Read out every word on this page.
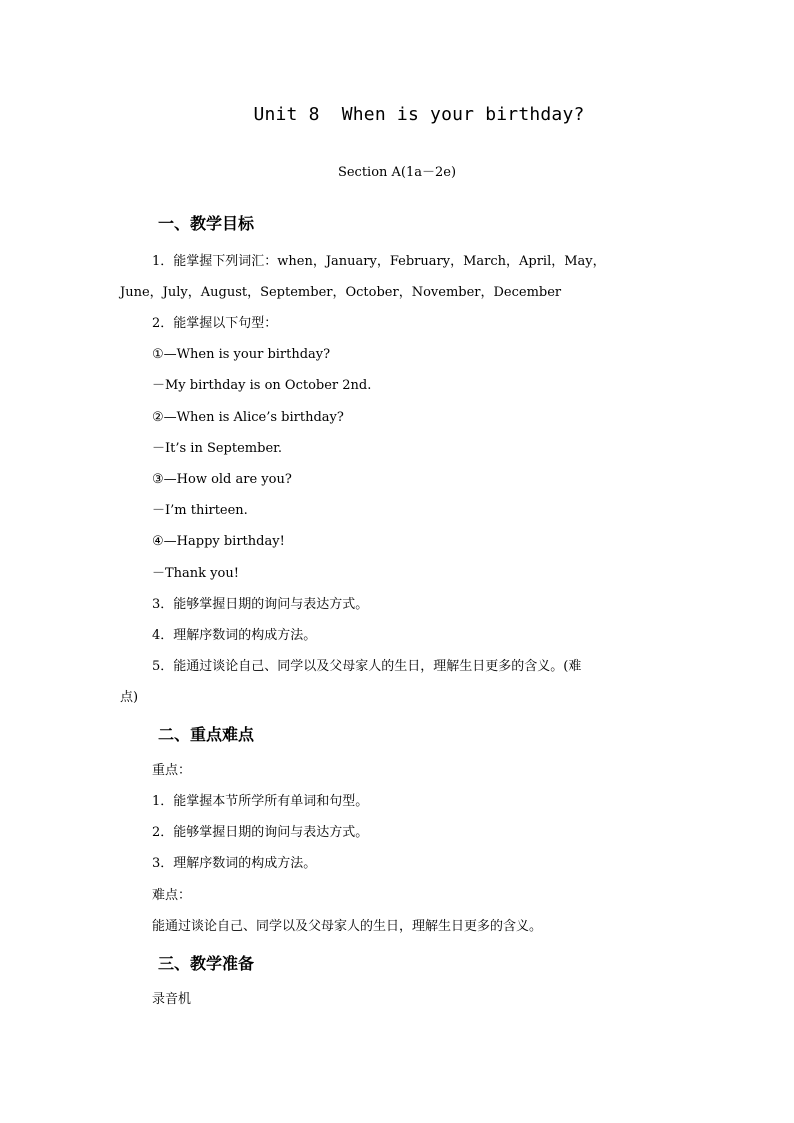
Unit 8  When is your birthday?
Section A(1a－2e)
一、教学目标
1．能掌握下列词汇：when，January，February，March，April，May，
June，July，August，September，October，November，December
2．能掌握以下句型：
①—When is your birthday?
－My birthday is on October 2nd.
②—When is Alice’s birthday?
－It’s in September.
③—How old are you?
－I’m thirteen.
④—Happy birthday!
－Thank you!
3．能够掌握日期的询问与表达方式。
4．理解序数词的构成方法。
5．能通过谈论自己、同学以及父母家人的生日，理解生日更多的含义。(难
点)
二、重点难点
重点：
1．能掌握本节所学所有单词和句型。
2．能够掌握日期的询问与表达方式。
3．理解序数词的构成方法。
难点：
能通过谈论自己、同学以及父母家人的生日，理解生日更多的含义。
三、教学准备
录音机
